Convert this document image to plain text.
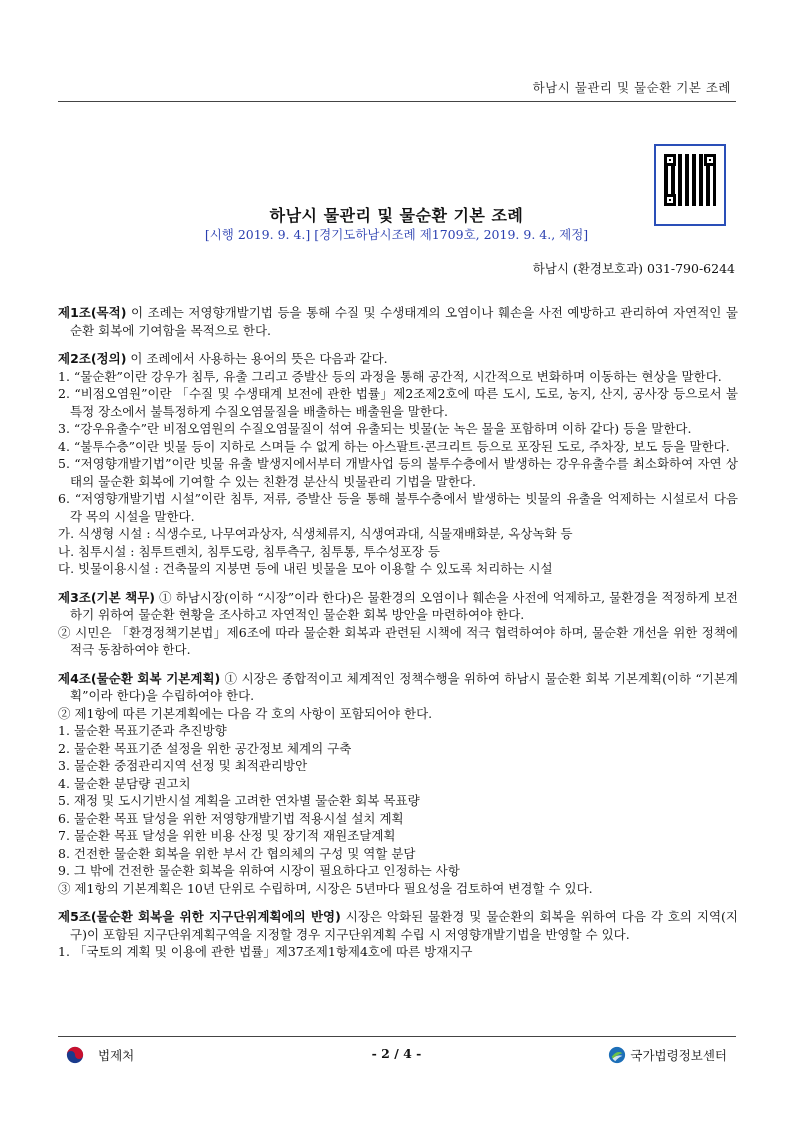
하남시 물관리 및 물순환 기본 조례
하남시 물관리 및 물순환 기본 조례
[시행 2019. 9. 4.] [경기도하남시조례 제1709호, 2019. 9. 4., 제정]
하남시 (환경보호과) 031-790-6244

제1조(목적) 이 조례는 저영향개발기법 등을 통해 수질 및 수생태계의 오염이나 훼손을 사전 예방하고 관리하여 자연적인 물순환 회복에 기여함을 목적으로 한다.

제2조(정의) 이 조례에서 사용하는 용어의 뜻은 다음과 같다.

1. “물순환”이란 강우가 침투, 유출 그리고 증발산 등의 과정을 통해 공간적, 시간적으로 변화하며 이동하는 현상을 말한다.

2. “비점오염원”이란 「수질 및 수생태계 보전에 관한 법률」제2조제2호에 따른 도시, 도로, 농지, 산지, 공사장 등으로서 불특정 장소에서 불특정하게 수질오염물질을 배출하는 배출원을 말한다.

3. “강우유출수”란 비점오염원의 수질오염물질이 섞여 유출되는 빗물(눈 녹은 물을 포함하며 이하 같다) 등을 말한다.

4. “불투수층”이란 빗물 등이 지하로 스며들 수 없게 하는 아스팔트·콘크리트 등으로 포장된 도로, 주차장, 보도 등을 말한다.

5. “저영향개발기법”이란 빗물 유출 발생지에서부터 개발사업 등의 불투수층에서 발생하는 강우유출수를 최소화하여 자연 상태의 물순환 회복에 기여할 수 있는 친환경 분산식 빗물관리 기법을 말한다.

6. “저영향개발기법 시설”이란 침투, 저류, 증발산 등을 통해 불투수층에서 발생하는 빗물의 유출을 억제하는 시설로서 다음 각 목의 시설을 말한다.

가. 식생형 시설 : 식생수로, 나무여과상자, 식생체류지, 식생여과대, 식물재배화분, 옥상녹화 등

나. 침투시설 : 침투트렌치, 침투도랑, 침투측구, 침투통, 투수성포장 등

다. 빗물이용시설 : 건축물의 지붕면 등에 내린 빗물을 모아 이용할 수 있도록 처리하는 시설

제3조(기본 책무) ① 하남시장(이하 “시장”이라 한다)은 물환경의 오염이나 훼손을 사전에 억제하고, 물환경을 적정하게 보전하기 위하여 물순환 현황을 조사하고 자연적인 물순환 회복 방안을 마련하여야 한다.

② 시민은 「환경정책기본법」제6조에 따라 물순환 회복과 관련된 시책에 적극 협력하여야 하며, 물순환 개선을 위한 정책에 적극 동참하여야 한다.

제4조(물순환 회복 기본계획) ① 시장은 종합적이고 체계적인 정책수행을 위하여 하남시 물순환 회복 기본계획(이하 “기본계획”이라 한다)을 수립하여야 한다.

② 제1항에 따른 기본계획에는 다음 각 호의 사항이 포함되어야 한다.

1. 물순환 목표기준과 추진방향

2. 물순환 목표기준 설정을 위한 공간정보 체계의 구축

3. 물순환 중점관리지역 선정 및 최적관리방안

4. 물순환 분담량 권고치

5. 재정 및 도시기반시설 계획을 고려한 연차별 물순환 회복 목표량

6. 물순환 목표 달성을 위한 저영향개발기법 적용시설 설치 계획

7. 물순환 목표 달성을 위한 비용 산정 및 장기적 재원조달계획

8. 건전한 물순환 회복을 위한 부서 간 협의체의 구성 및 역할 분담

9. 그 밖에 건전한 물순환 회복을 위하여 시장이 필요하다고 인정하는 사항

③ 제1항의 기본계획은 10년 단위로 수립하며, 시장은 5년마다 필요성을 검토하여 변경할 수 있다.

제5조(물순환 회복을 위한 지구단위계획에의 반영) 시장은 악화된 물환경 및 물순환의 회복을 위하여 다음 각 호의 지역(지구)이 포함된 지구단위계획구역을 지정할 경우 지구단위계획 수립 시 저영향개발기법을 반영할 수 있다.

1. 「국토의 계획 및 이용에 관한 법률」제37조제1항제4호에 따른 방재지구

법제처	- 2 / 4 -	국가법령정보센터
